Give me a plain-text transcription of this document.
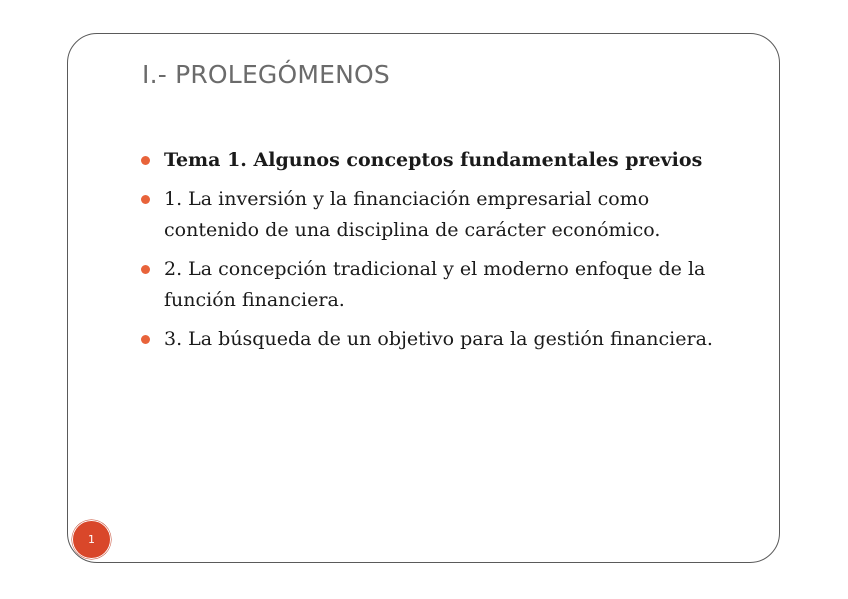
I.- PROLEGÓMENOS
Tema 1. Algunos conceptos fundamentales previos
1. La inversión y la financiación empresarial como contenido de una disciplina de carácter económico.
2. La concepción tradicional y el moderno enfoque de la función financiera.
3. La búsqueda de un objetivo para la gestión financiera.
1
